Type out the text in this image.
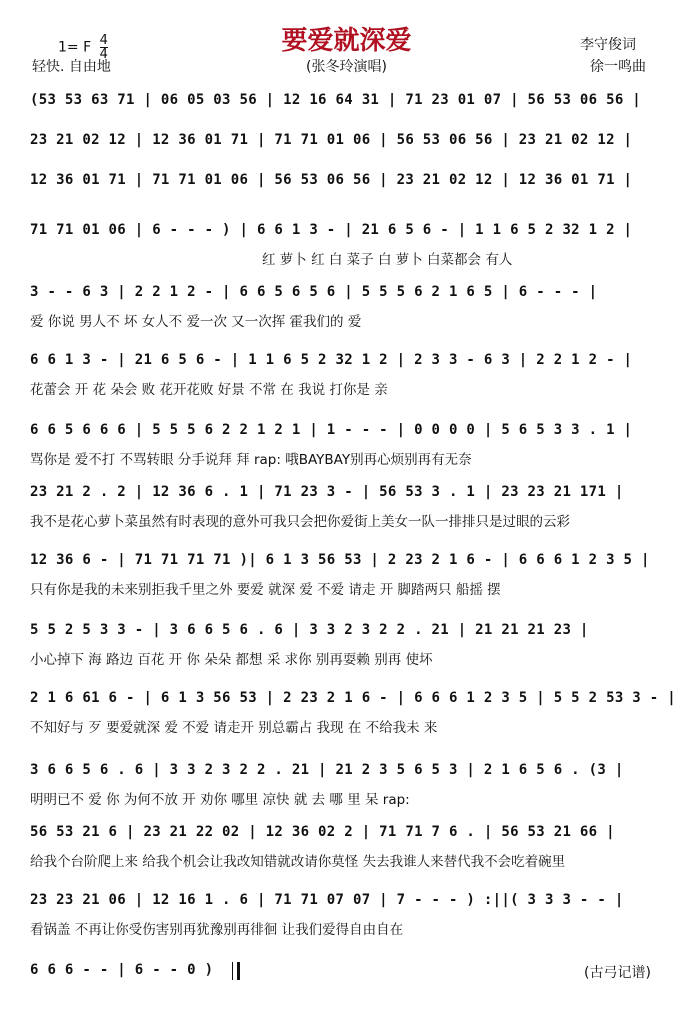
要爱就深爱
1= F $\frac{4}{4}$
轻快. 自由地	(张冬玲演唱)
李守俊词
徐一鸣曲
(53 53 63 71 | 06 05 03 56 | 12 16 64 31 | 71 23 01 07 | 56 53 06 56 |
23 21 02 12 | 12 36 01 71 | 71 71 01 06 | 56 53 06 56 | 23 21 02 12 |
12 36 01 71 | 71 71 01 06 | 56 53 06 56 | 23 21 02 12 | 12 36 01 71 |
71 71 01 06 | 6 - - - ) | 6 6 1 3 - | 21 6 5 6 - | 1 1 6 5 2 32 1 2 |
红 萝卜 红 白 菜子 白 萝卜 白菜都会 有人
3 - - 6 3 | 2 2 1 2 - | 6 6 5 6 5 6 | 5 5 5 6 2 1 6 5 | 6 - - - |
爱 你说 男人不 坏 女人不 爱一次 又一次挥 霍我们的 爱
6 6 1 3 - | 21 6 5 6 - | 1 1 6 5 2 32 1 2 | 2 3 3 - 6 3 | 2 2 1 2 - |
花蕾会 开 花 朵会 败 花开花败 好景 不常 在 我说 打你是 亲
6 6 5 6 6 6 | 5 5 5 6 2 2 1 2 1 | 1 - - - | 0 0 0 0 | 5 6 5 3 3 . 1 |
骂你是 爱不打 不骂转眼 分手说拜 拜 rap: 哦BAYBAY别再心烦别再有无奈
23 21 2 . 2 | 12 36 6 . 1 | 71 23 3 - | 56 53 3 . 1 | 23 23 21 171 |
我不是花心萝卜菜虽然有时表现的意外可我只会把你爱街上美女一队一排排只是过眼的云彩
12 36 6 - | 71 71 71 71 )| 6 1 3 56 53 | 2 23 2 1 6 - | 6 6 6 1 2 3 5 |
只有你是我的未来别拒我千里之外 要爱 就深 爱 不爱 请走 开 脚踏两只 船摇 摆
5 5 2 5 3 3 - | 3 6 6 5 6 . 6 | 3 3 2 3 2 2 . 21 | 21 21 21 23 |
小心掉下 海 路边 百花 开 你 朵朵 都想 采 求你 别再耍赖 别再 使坏
2 1 6 61 6 - | 6 1 3 56 53 | 2 23 2 1 6 - | 6 6 6 1 2 3 5 | 5 5 2 53 3 - |
不知好与 歹 要爱就深 爱 不爱 请走开 别总霸占 我现 在 不给我未 来
3 6 6 5 6 . 6 | 3 3 2 3 2 2 . 21 | 21 2 3 5 6 5 3 | 2 1 6 5 6 . (3 |
明明已不 爱 你 为何不放 开 劝你 哪里 凉快 就 去 哪 里 呆 rap:
56 53 21 6 | 23 21 22 02 | 12 36 02 2 | 71 71 7 6 . | 56 53 21 66 |
给我个台阶爬上来 给我个机会让我改知错就改请你莫怪 失去我谁人来替代我不会吃着碗里
23 23 21 06 | 12 16 1 . 6 | 71 71 07 07 | 7 - - - ) :||( 3 3 3 - - |
看锅盖 不再让你受伤害别再犹豫别再徘徊 让我们爱得自由自在
6 6 6 - - | 6 - - 0 )	(古弓记谱)
